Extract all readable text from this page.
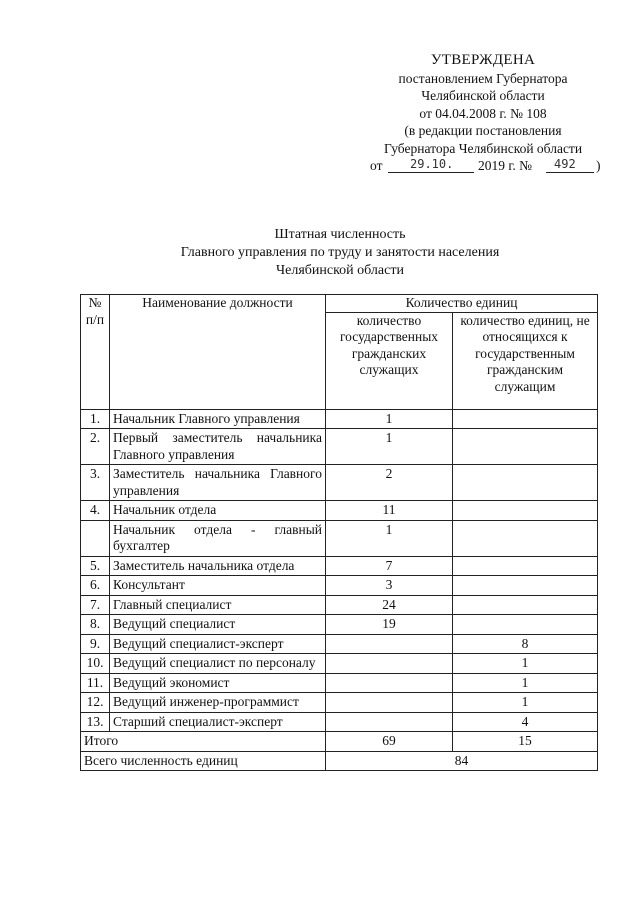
УТВЕРЖДЕНА
постановлением Губернатора
Челябинской области
от 04.04.2008 г. № 108
(в редакции постановления
Губернатора Челябинской области
от 29.10. 2019 г. № 492 )
Штатная численность
Главного управления по труду и занятости населения
Челябинской области
№ п/п	Наименование должности	Количество единиц	
		количество государственных гражданских служащих	количество единиц, не относящихся к государственным гражданским служащим
1.	Начальник Главного управления	1	
2.	Первый заместитель начальника Главного управления	1	
3.	Заместитель начальника Главного управления	2	
4.	Начальник отдела	11	
	Начальник отдела - главный бухгалтер	1	
5.	Заместитель начальника отдела	7	
6.	Консультант	3	
7.	Главный специалист	24	
8.	Ведущий специалист	19	
9.	Ведущий специалист-эксперт		8
10.	Ведущий специалист по персоналу		1
11.	Ведущий экономист		1
12.	Ведущий инженер-программист		1
13.	Старший специалист-эксперт		4
Итого		69	15
Всего численность единиц		84	
